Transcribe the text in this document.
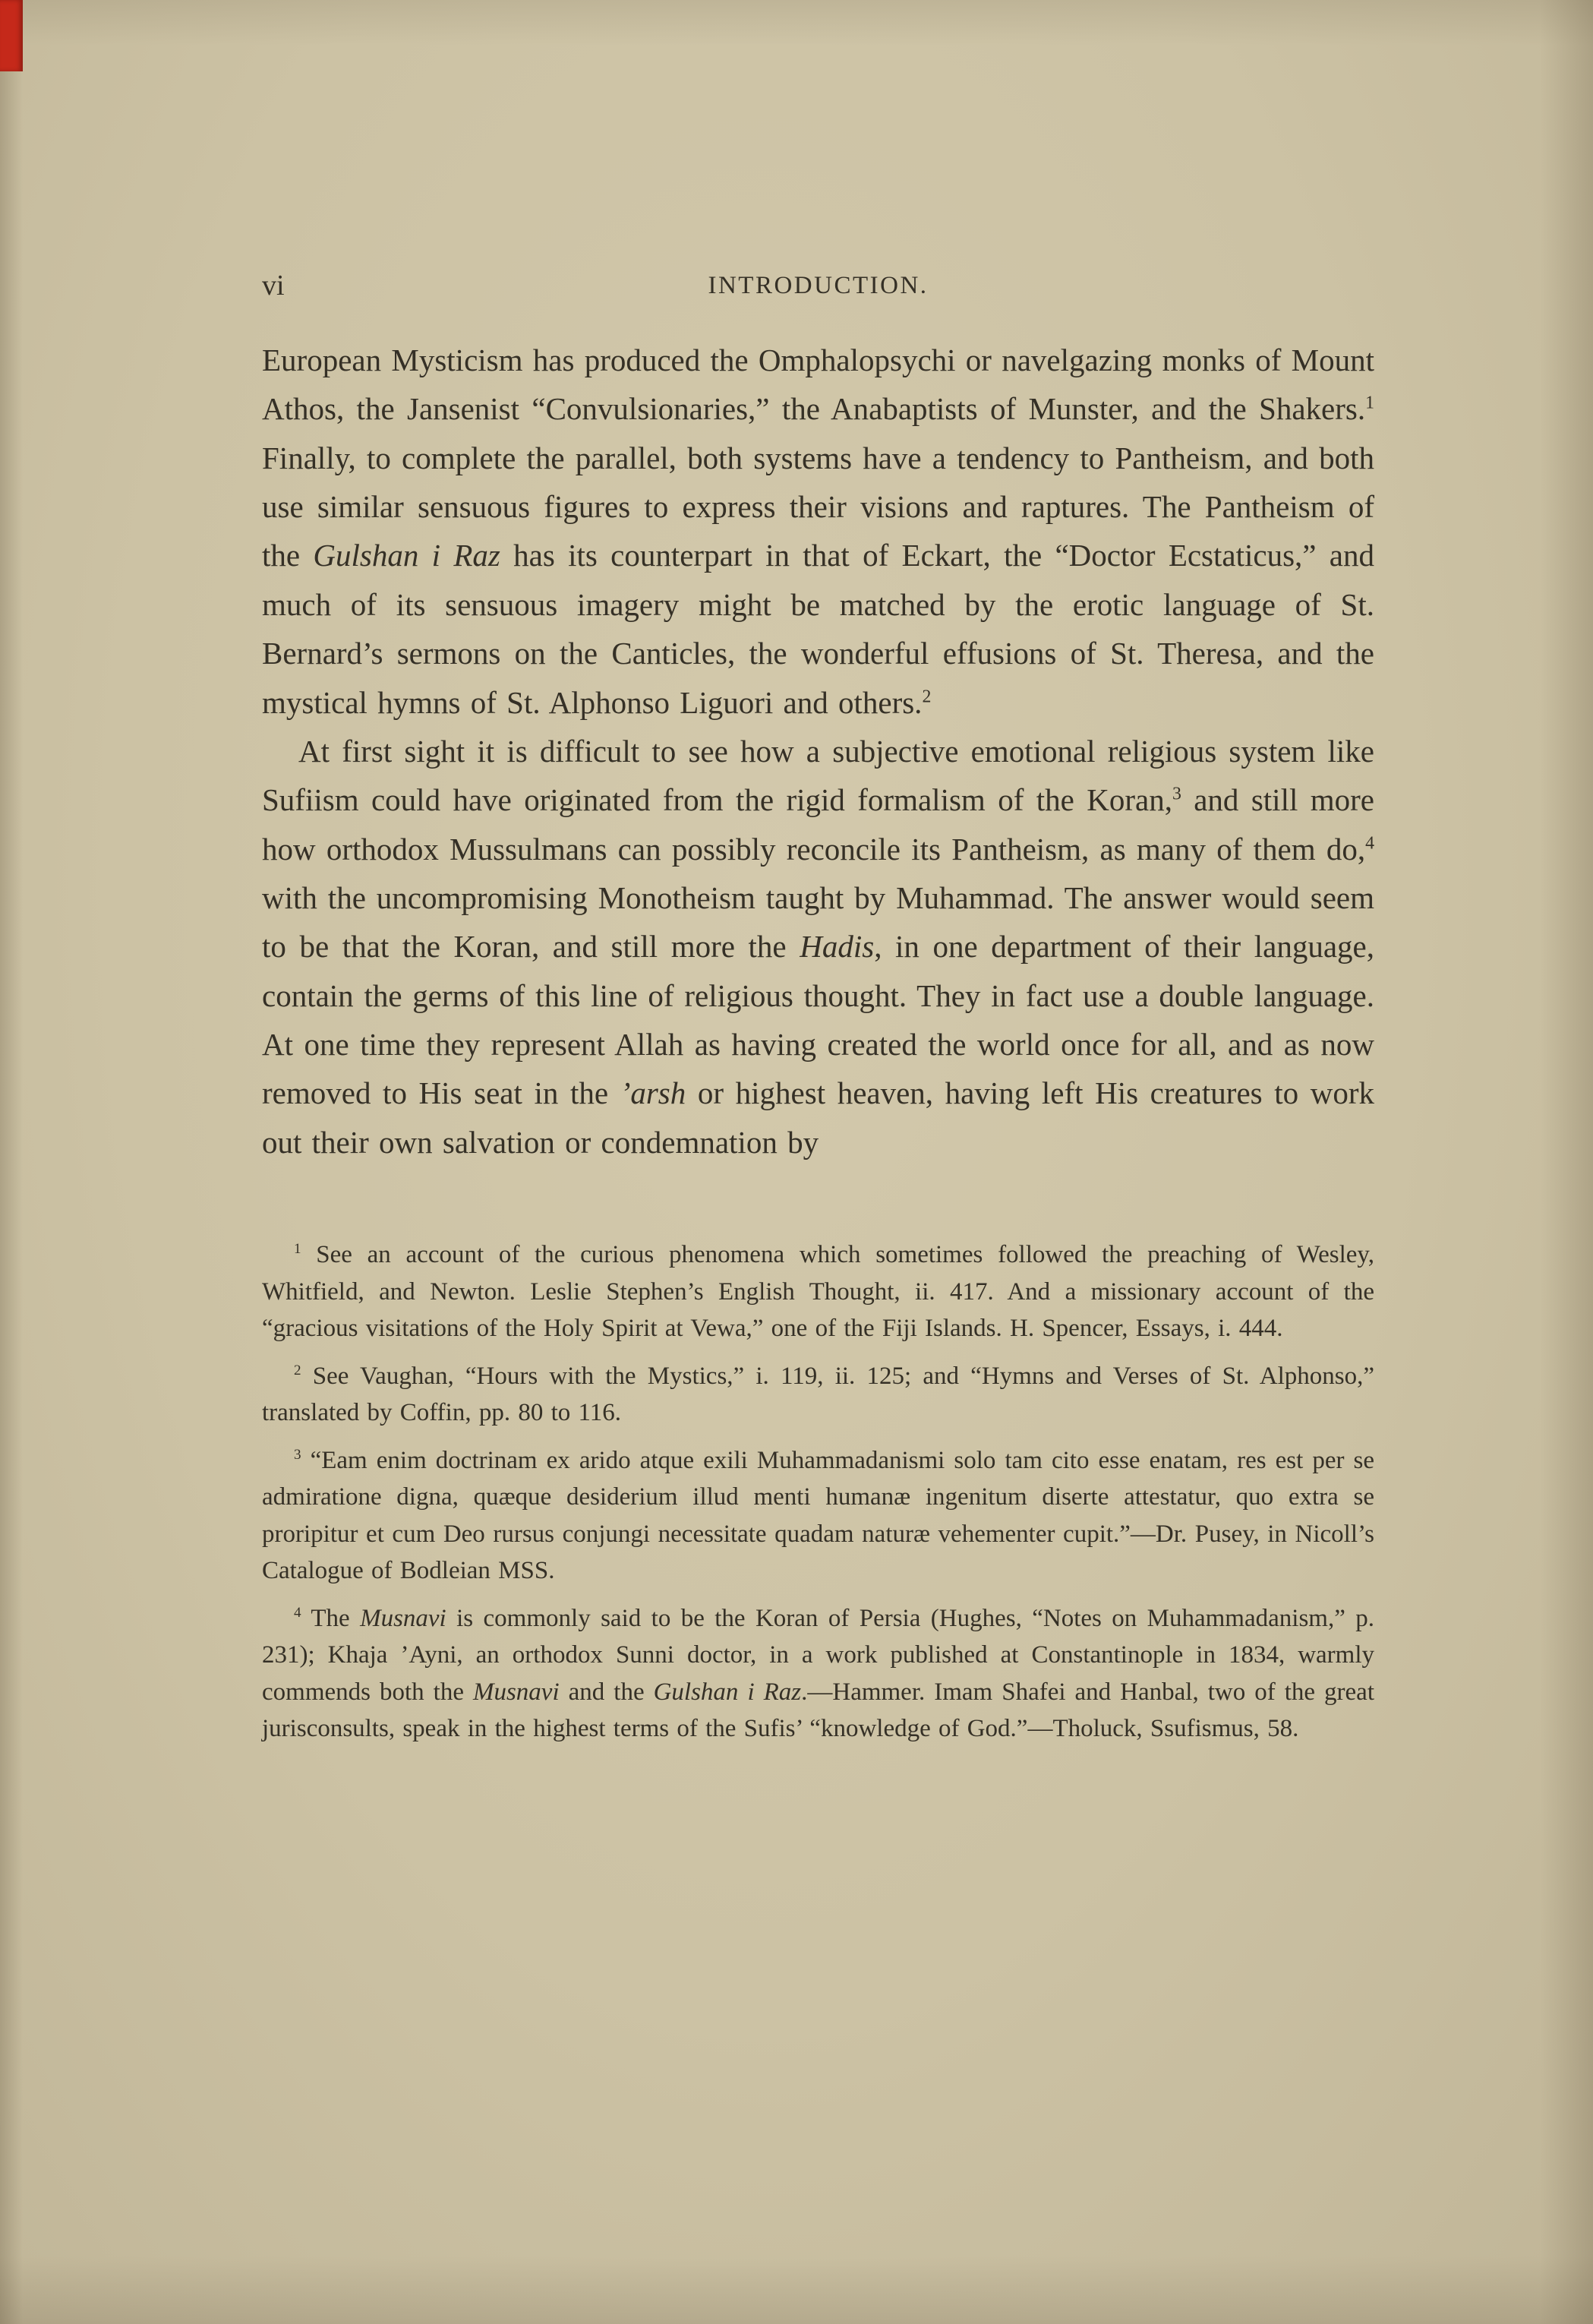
vi	INTRODUCTION.

European Mysticism has produced the Omphalopsychi or navelgazing monks of Mount Athos, the Jansenist “Convulsionaries,” the Anabaptists of Munster, and the Shakers.$^1$ Finally, to complete the parallel, both systems have a tendency to Pantheism, and both use similar sensuous figures to express their visions and raptures. The Pantheism of the Gulshan i Raz has its counterpart in that of Eckart, the “Doctor Ecstaticus,” and much of its sensuous imagery might be matched by the erotic language of St. Bernard’s sermons on the Canticles, the wonderful effusions of St. Theresa, and the mystical hymns of St. Alphonso Liguori and others.$^2$

At first sight it is difficult to see how a subjective emotional religious system like Sufiism could have originated from the rigid formalism of the Koran,$^3$ and still more how orthodox Mussulmans can possibly reconcile its Pantheism, as many of them do,$^4$ with the uncompromising Monotheism taught by Muhammad. The answer would seem to be that the Koran, and still more the Hadis, in one department of their language, contain the germs of this line of religious thought. They in fact use a double language. At one time they represent Allah as having created the world once for all, and as now removed to His seat in the ’arsh or highest heaven, having left His creatures to work out their own salvation or condemnation by

$^1$ See an account of the curious phenomena which sometimes followed the preaching of Wesley, Whitfield, and Newton. Leslie Stephen’s English Thought, ii. 417. And a missionary account of the “gracious visitations of the Holy Spirit at Vewa,” one of the Fiji Islands. H. Spencer, Essays, i. 444.

$^2$ See Vaughan, “Hours with the Mystics,” i. 119, ii. 125; and “Hymns and Verses of St. Alphonso,” translated by Coffin, pp. 80 to 116.

$^3$ “Eam enim doctrinam ex arido atque exili Muhammadanismi solo tam cito esse enatam, res est per se admiratione digna, quæque desiderium illud menti humanæ ingenitum diserte attestatur, quo extra se proripitur et cum Deo rursus conjungi necessitate quadam naturæ vehementer cupit.”—Dr. Pusey, in Nicoll’s Catalogue of Bodleian MSS.

$^4$ The Musnavi is commonly said to be the Koran of Persia (Hughes, “Notes on Muhammadanism,” p. 231); Khaja ’Ayni, an orthodox Sunni doctor, in a work published at Constantinople in 1834, warmly commends both the Musnavi and the Gulshan i Raz.—Hammer. Imam Shafei and Hanbal, two of the great jurisconsults, speak in the highest terms of the Sufis’ “knowledge of God.”—Tholuck, Ssufismus, 58.
